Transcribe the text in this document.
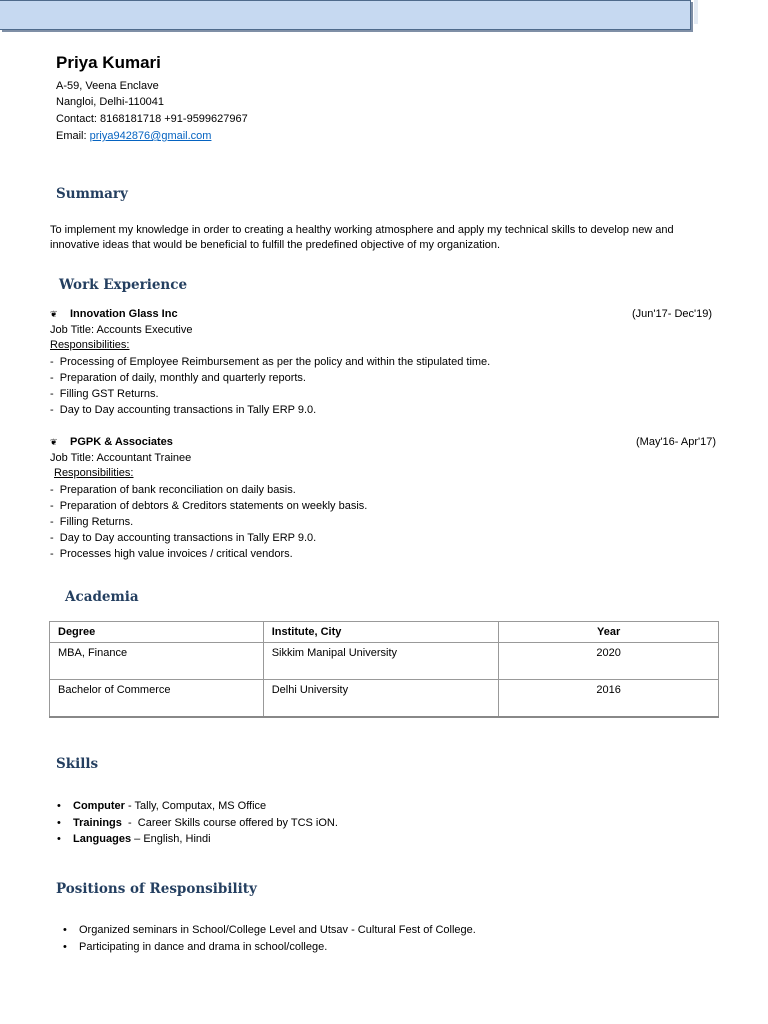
Priya Kumari
A-59, Veena Enclave
Nangloi, Delhi-110041
Contact: 8168181718 +91-9599627967
Email: priya942876@gmail.com
Summary
To implement my knowledge in order to creating a healthy working atmosphere and apply my technical skills to develop new and innovative ideas that would be beneficial to fulfill the predefined objective of my organization.
Work Experience
❦ Innovation Glass Inc	(Jun'17- Dec'19)
Job Title: Accounts Executive
Responsibilities:
- Processing of Employee Reimbursement as per the policy and within the stipulated time.
- Preparation of daily, monthly and quarterly reports.
- Filling GST Returns.
- Day to Day accounting transactions in Tally ERP 9.0.
❦ PGPK & Associates	(May'16- Apr'17)
Job Title: Accountant Trainee
Responsibilities:
- Preparation of bank reconciliation on daily basis.
- Preparation of debtors & Creditors statements on weekly basis.
- Filling Returns.
- Day to Day accounting transactions in Tally ERP 9.0.
- Processes high value invoices / critical vendors.
Academia
Degree	Institute, City	Year
MBA, Finance	Sikkim Manipal University	2020
Bachelor of Commerce	Delhi University	2016
Skills
• Computer - Tally, Computax, MS Office
• Trainings  -  Career Skills course offered by TCS iON.
• Languages – English, Hindi
Positions of Responsibility
• Organized seminars in School/College Level and Utsav - Cultural Fest of College.
• Participating in dance and drama in school/college.
